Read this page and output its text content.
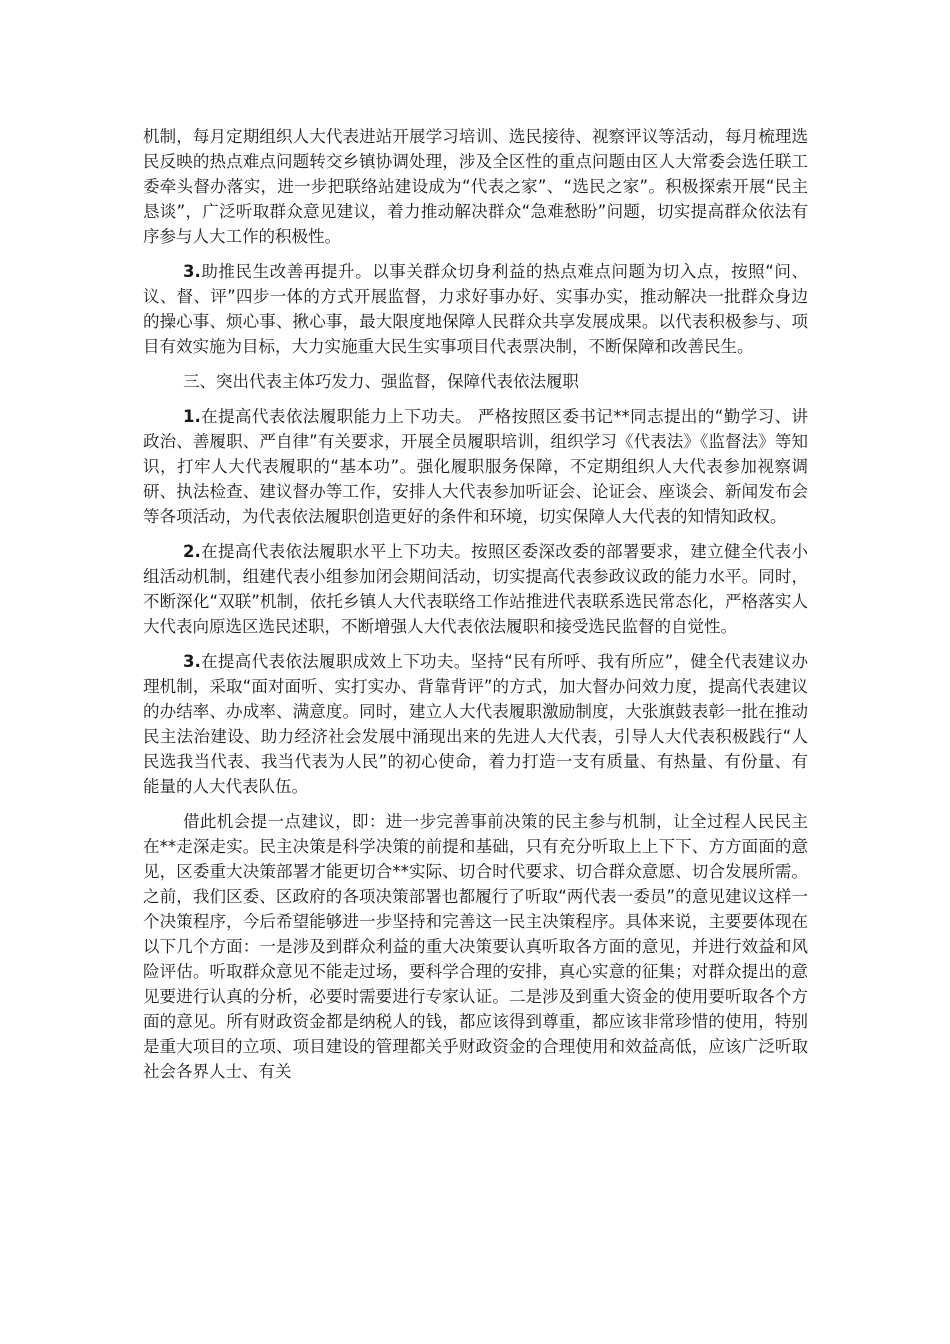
机制，每月定期组织人大代表进站开展学习培训、选民接待、视察评议等活动，每月梳理选民反映的热点难点问题转交乡镇协调处理，涉及全区性的重点问题由区人大常委会选任联工委牵头督办落实，进一步把联络站建设成为“代表之家”、“选民之家”。积极探索开展“民主恳谈”，广泛听取群众意见建议，着力推动解决群众“急难愁盼”问题，切实提高群众依法有序参与人大工作的积极性。

3.助推民生改善再提升。以事关群众切身利益的热点难点问题为切入点，按照“问、议、督、评”四步一体的方式开展监督，力求好事办好、实事办实，推动解决一批群众身边的操心事、烦心事、揪心事，最大限度地保障人民群众共享发展成果。以代表积极参与、项目有效实施为目标，大力实施重大民生实事项目代表票决制，不断保障和改善民生。

三、突出代表主体巧发力、强监督，保障代表依法履职

1.在提高代表依法履职能力上下功夫。 严格按照区委书记**同志提出的“勤学习、讲政治、善履职、严自律”有关要求，开展全员履职培训，组织学习《代表法》《监督法》等知识，打牢人大代表履职的“基本功”。强化履职服务保障，不定期组织人大代表参加视察调研、执法检查、建议督办等工作，安排人大代表参加听证会、论证会、座谈会、新闻发布会等各项活动，为代表依法履职创造更好的条件和环境，切实保障人大代表的知情知政权。

2.在提高代表依法履职水平上下功夫。按照区委深改委的部署要求，建立健全代表小组活动机制，组建代表小组参加闭会期间活动，切实提高代表参政议政的能力水平。同时，不断深化“双联”机制，依托乡镇人大代表联络工作站推进代表联系选民常态化，严格落实人大代表向原选区选民述职，不断增强人大代表依法履职和接受选民监督的自觉性。

3.在提高代表依法履职成效上下功夫。坚持“民有所呼、我有所应”，健全代表建议办理机制，采取“面对面听、实打实办、背靠背评”的方式，加大督办问效力度，提高代表建议的办结率、办成率、满意度。同时，建立人大代表履职激励制度，大张旗鼓表彰一批在推动民主法治建设、助力经济社会发展中涌现出来的先进人大代表，引导人大代表积极践行“人民选我当代表、我当代表为人民”的初心使命，着力打造一支有质量、有热量、有份量、有能量的人大代表队伍。

借此机会提一点建议，即：进一步完善事前决策的民主参与机制，让全过程人民民主在**走深走实。民主决策是科学决策的前提和基础，只有充分听取上上下下、方方面面的意见，区委重大决策部署才能更切合**实际、切合时代要求、切合群众意愿、切合发展所需。之前，我们区委、区政府的各项决策部署也都履行了听取“两代表一委员”的意见建议这样一个决策程序，今后希望能够进一步坚持和完善这一民主决策程序。具体来说，主要要体现在以下几个方面：一是涉及到群众利益的重大决策要认真听取各方面的意见，并进行效益和风险评估。听取群众意见不能走过场，要科学合理的安排，真心实意的征集；对群众提出的意见要进行认真的分析，必要时需要进行专家认证。二是涉及到重大资金的使用要听取各个方面的意见。所有财政资金都是纳税人的钱，都应该得到尊重，都应该非常珍惜的使用，特别是重大项目的立项、项目建设的管理都关乎财政资金的合理使用和效益高低，应该广泛听取社会各界人士、有关
